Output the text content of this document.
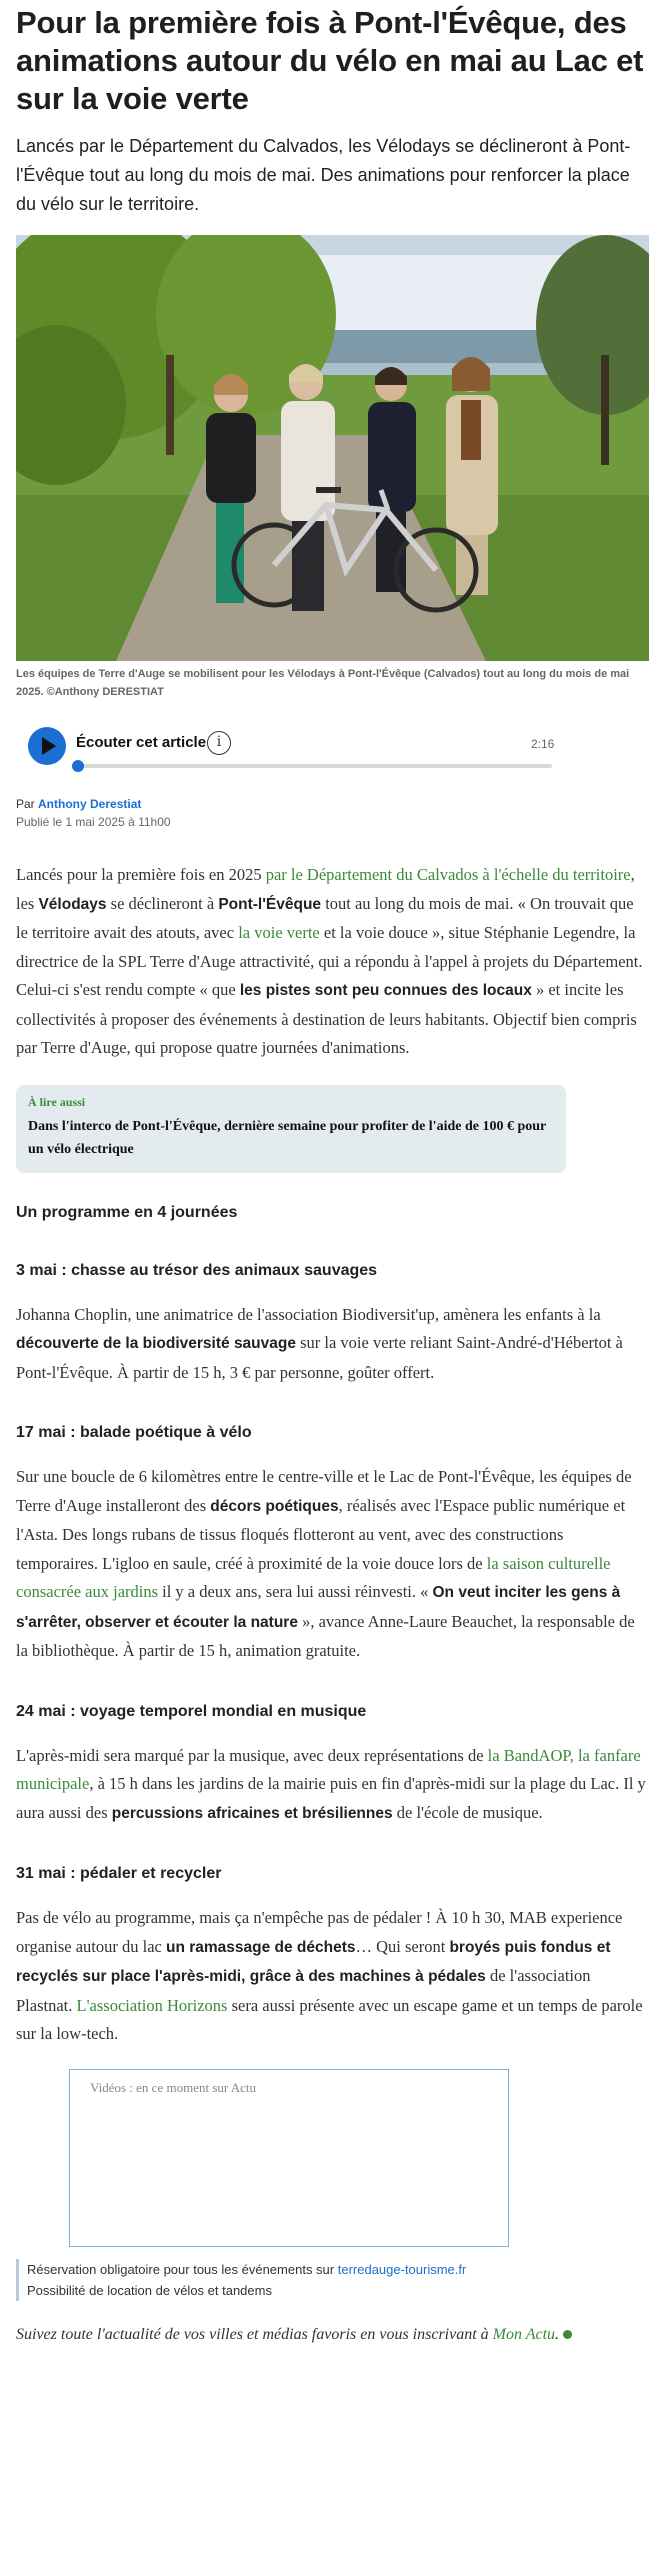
Pour la première fois à Pont-l'Évêque, des animations autour du vélo en mai au Lac et sur la voie verte

Lancés par le Département du Calvados, les Vélodays se déclineront à Pont-l'Évêque tout au long du mois de mai. Des animations pour renforcer la place du vélo sur le territoire.

Les équipes de Terre d'Auge se mobilisent pour les Vélodays à Pont-l'Évêque (Calvados) tout au long du mois de mai 2025. ©Anthony DERESTIAT

Écouter cet article i	2:16
Par Anthony Derestiat
Publié le 1 mai 2025 à 11h00

Lancés pour la première fois en 2025 par le Département du Calvados à l'échelle du territoire, les Vélodays se déclineront à Pont-l'Évêque tout au long du mois de mai. « On trouvait que le territoire avait des atouts, avec la voie verte et la voie douce », situe Stéphanie Legendre, la directrice de la SPL Terre d'Auge attractivité, qui a répondu à l'appel à projets du Département. Celui-ci s'est rendu compte « que les pistes sont peu connues des locaux » et incite les collectivités à proposer des événements à destination de leurs habitants. Objectif bien compris par Terre d'Auge, qui propose quatre journées d'animations.

À lire aussi
Dans l'interco de Pont-l'Évêque, dernière semaine pour profiter de l'aide de 100 € pour un vélo électrique
Un programme en 4 journées
3 mai : chasse au trésor des animaux sauvages

Johanna Choplin, une animatrice de l'association Biodiversit'up, amènera les enfants à la découverte de la biodiversité sauvage sur la voie verte reliant Saint-André-d'Hébertot à Pont-l'Évêque. À partir de 15 h, 3 € par personne, goûter offert.

17 mai : balade poétique à vélo

Sur une boucle de 6 kilomètres entre le centre-ville et le Lac de Pont-l'Évêque, les équipes de Terre d'Auge installeront des décors poétiques, réalisés avec l'Espace public numérique et l'Asta. Des longs rubans de tissus floqués flotteront au vent, avec des constructions temporaires. L'igloo en saule, créé à proximité de la voie douce lors de la saison culturelle consacrée aux jardins il y a deux ans, sera lui aussi réinvesti. « On veut inciter les gens à s'arrêter, observer et écouter la nature », avance Anne-Laure Beauchet, la responsable de la bibliothèque. À partir de 15 h, animation gratuite.

24 mai : voyage temporel mondial en musique

L'après-midi sera marqué par la musique, avec deux représentations de la BandAOP, la fanfare municipale, à 15 h dans les jardins de la mairie puis en fin d'après-midi sur la plage du Lac. Il y aura aussi des percussions africaines et brésiliennes de l'école de musique.

31 mai : pédaler et recycler

Pas de vélo au programme, mais ça n'empêche pas de pédaler ! À 10 h 30, MAB experience organise autour du lac un ramassage de déchets… Qui seront broyés puis fondus et recyclés sur place l'après-midi, grâce à des machines à pédales de l'association Plastnat. L'association Horizons sera aussi présente avec un escape game et un temps de parole sur la low-tech.

Vidéos : en ce moment sur Actu
Réservation obligatoire pour tous les événements sur terredauge-tourisme.fr
Possibilité de location de vélos et tandems

Suivez toute l'actualité de vos villes et médias favoris en vous inscrivant à Mon Actu.
